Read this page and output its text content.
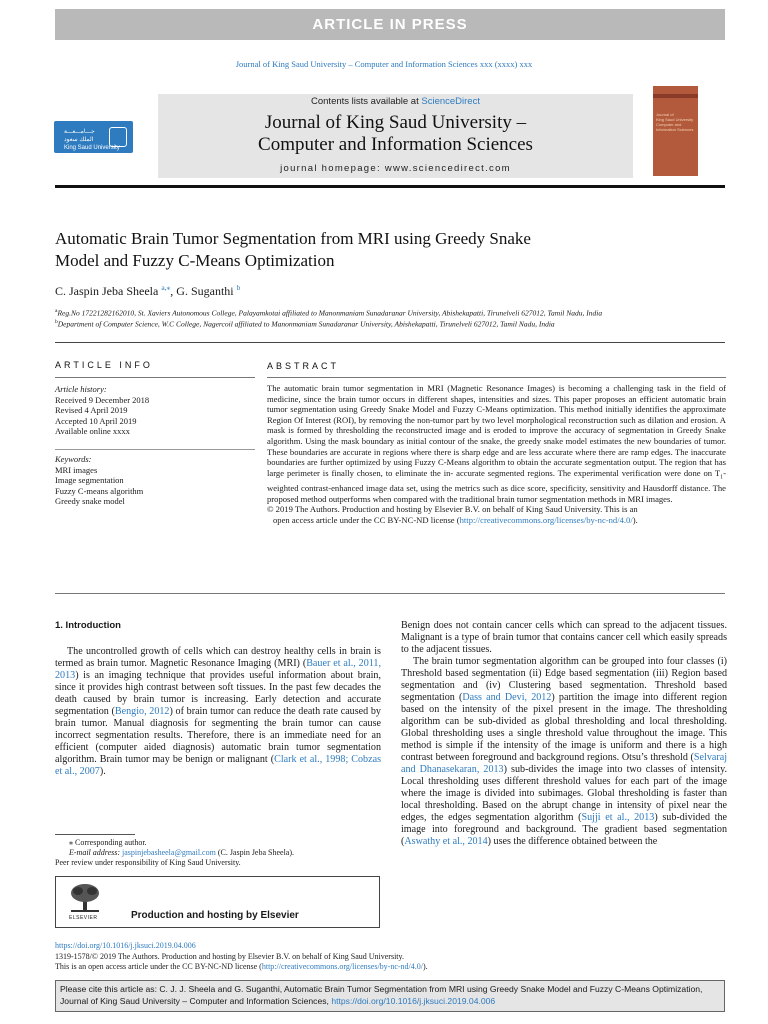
ARTICLE IN PRESS
Journal of King Saud University – Computer and Information Sciences xxx (xxxx) xxx
جـــامـــعـــة
الملك سعود
King Saud University
Contents lists available at ScienceDirect
Journal of King Saud University –
Computer and Information Sciences
journal homepage: www.sciencedirect.com
Journal of
King Saud University
Computer and
Information Sciences
Automatic Brain Tumor Segmentation from MRI using Greedy Snake
Model and Fuzzy C-Means Optimization
C. Jaspin Jeba Sheela $^{a,⁎}$, G. Suganthi $^b$
$^a$Reg.No 17221282162010, St. Xaviers Autonomous College, Palayamkotai affiliated to Manonmaniam Sunadaranar University, Abishekapatti, Tirunelveli 627012, Tamil Nadu, India
$^b$Department of Computer Science, W.C College, Nagercoil affiliated to Manonmaniam Sunadaranar University, Abishekapatti, Tirunelveli 627012, Tamil Nadu, India
ARTICLE INFO	ABSTRACT
Article history:
Received 9 December 2018
Revised 4 April 2019
Accepted 10 April 2019
Available online xxxx
Keywords:
MRI images
Image segmentation
Fuzzy C-means algorithm
Greedy snake model
The automatic brain tumor segmentation in MRI (Magnetic Resonance Images) is becoming a challenging task in the field of medicine, since the brain tumor occurs in different shapes, intensities and sizes. This paper proposes an efficient automatic brain tumor segmentation using Greedy Snake Model and Fuzzy C-Means optimization. This method initially identifies the approximate Region Of Interest (ROI), by removing the non-tumor part by two level morphological reconstruction such as dilation and erosion. A mask is formed by thresholding the reconstructed image and is eroded to improve the accuracy of segmentation in Greedy Snake algorithm. Using the mask boundary as initial contour of the snake, the greedy snake model estimates the new boundaries of tumor. These boundaries are accurate in regions where there is sharp edge and are less accurate where there are ramp edges. The inaccurate boundaries are further optimized by using Fuzzy C-Means algorithm to obtain the accurate segmentation output. The region that has large perimeter is finally chosen, to eliminate the in- accurate segmented regions. The experimental verification were done on $T_1$-weighted contrast-enhanced image data set, using the metrics such as dice score, specificity, sensitivity and Hausdorff distance. The proposed method outperforms when compared with the traditional brain tumor segmentation methods in MRI images.
© 2019 The Authors. Production and hosting by Elsevier B.V. on behalf of King Saud University. This is an
open access article under the CC BY-NC-ND license (http://creativecommons.org/licenses/by-nc-nd/4.0/).
1. Introduction

The uncontrolled growth of cells which can destroy healthy cells in brain is termed as brain tumor. Magnetic Resonance Imaging (MRI) (Bauer et al., 2011, 2013) is an imaging technique that provides useful information about brain, since it provides high contrast between soft tissues. In the past few decades the death caused by brain tumor is increasing. Early detection and accurate segmentation (Bengio, 2012) of brain tumor can reduce the death rate caused by brain tumor. Manual diagnosis for segmenting the brain tumor can cause incorrect segmentation results. Therefore, there is an immediate need for an efficient (computer aided diagnosis) automatic brain tumor segmentation algorithm. Brain tumor may be benign or malignant (Clark et al., 1998; Cobzas et al., 2007).

Benign does not contain cancer cells which can spread to the adjacent tissues. Malignant is a type of brain tumor that contains cancer cell which easily spreads to the adjacent tissues.

The brain tumor segmentation algorithm can be grouped into four classes (i) Threshold based segmentation (ii) Edge based segmentation (iii) Region based segmentation and (iv) Clustering based segmentation. Threshold based segmentation (Dass and Devi, 2012) partition the image into different region based on the intensity of the pixel present in the image. The thresholding algorithm can be sub-divided as global thresholding and local thresholding. Global thresholding uses a single threshold value throughout the image. This method is simple if the intensity of the image is uniform and there is a high contrast between foreground and background regions. Otsu’s threshold (Selvaraj and Dhanasekaran, 2013) sub-divides the image into two classes of intensity. Local thresholding uses different threshold values for each part of the image where the image is divided into subimages. Global thresholding is faster than local thresholding. Based on the abrupt change in intensity of pixel near the edges, the edges segmentation algorithm (Sujji et al., 2013) sub-divided the image into foreground and background. The gradient based segmentation (Aswathy et al., 2014) uses the difference obtained between the

⁎ Corresponding author.
E-mail address: jaspinjebasheela@gmail.com (C. Jaspin Jeba Sheela).
Peer review under responsibility of King Saud University.
ELSEVIER	Production and hosting by Elsevier
https://doi.org/10.1016/j.jksuci.2019.04.006
1319-1578/© 2019 The Authors. Production and hosting by Elsevier B.V. on behalf of King Saud University.
This is an open access article under the CC BY-NC-ND license (http://creativecommons.org/licenses/by-nc-nd/4.0/).
Please cite this article as: C. J. J. Sheela and G. Suganthi, Automatic Brain Tumor Segmentation from MRI using Greedy Snake Model and Fuzzy C-Means Optimization, Journal of King Saud University – Computer and Information Sciences, https://doi.org/10.1016/j.jksuci.2019.04.006
